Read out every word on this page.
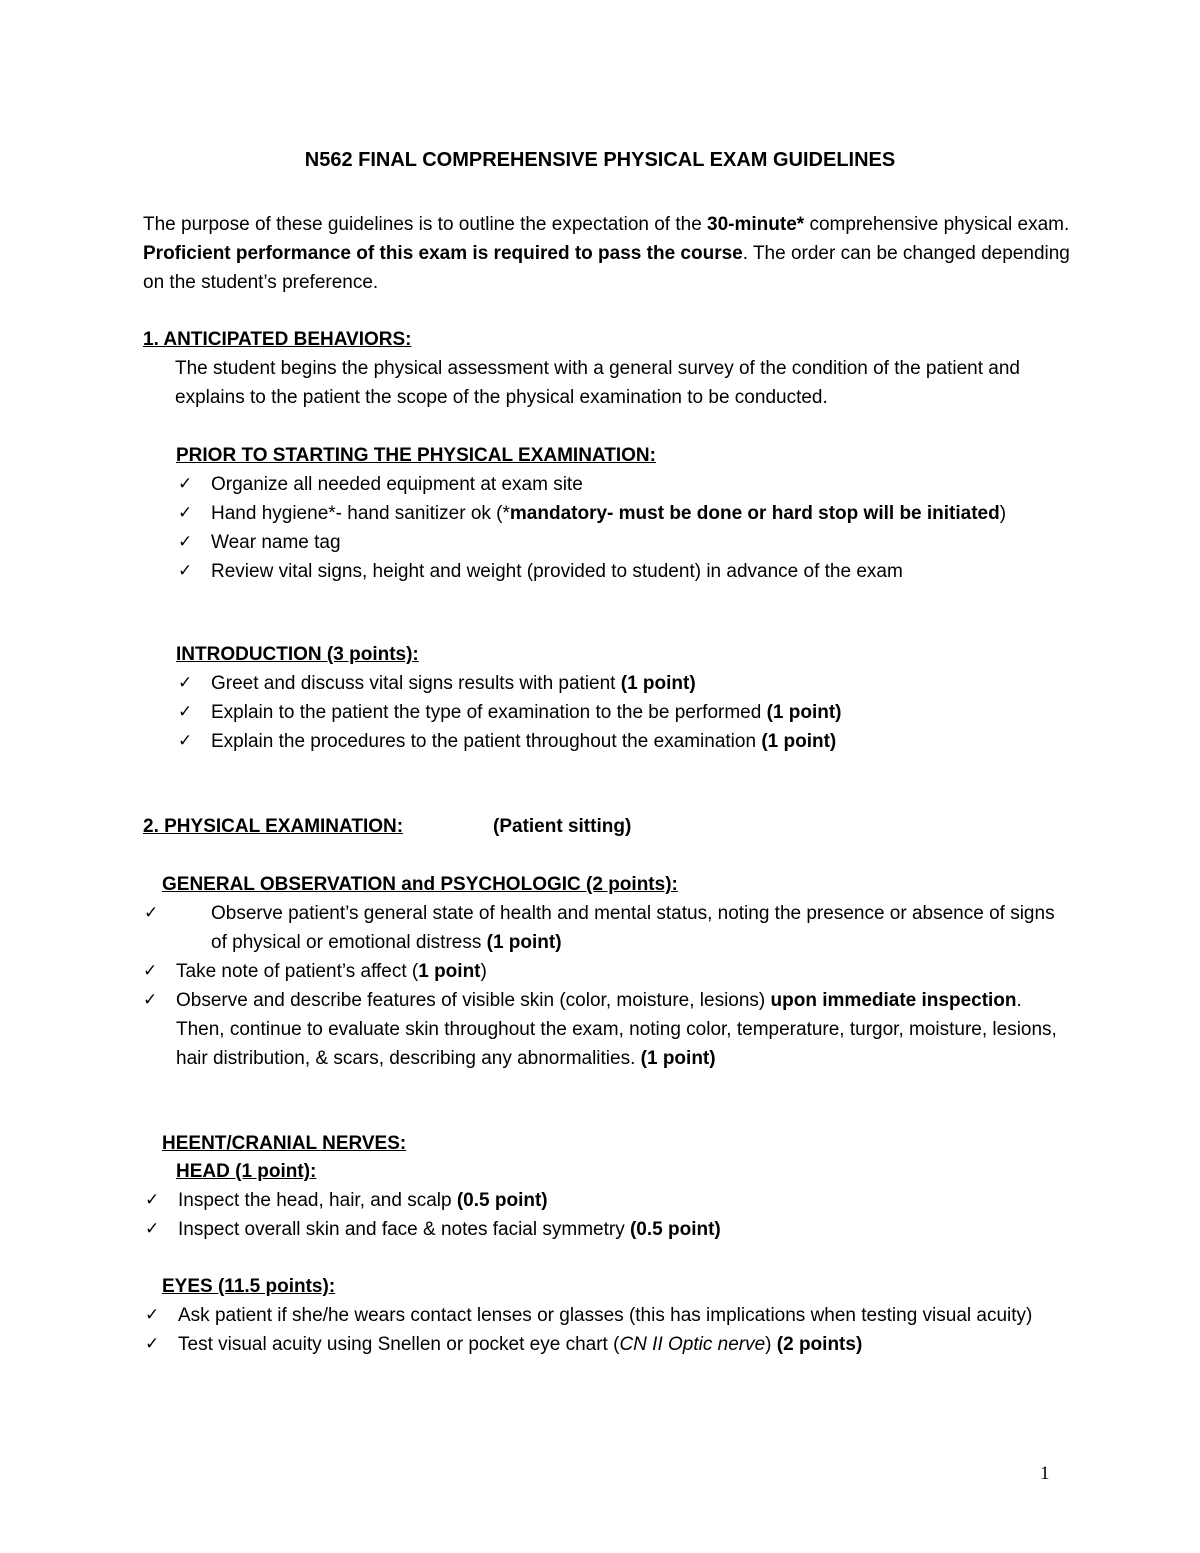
N562 FINAL COMPREHENSIVE PHYSICAL EXAM GUIDELINES

The purpose of these guidelines is to outline the expectation of the 30-minute* comprehensive physical exam. Proficient performance of this exam is required to pass the course. The order can be changed depending on the student’s preference.

1. ANTICIPATED BEHAVIORS:

The student begins the physical assessment with a general survey of the condition of the patient and explains to the patient the scope of the physical examination to be conducted.

PRIOR TO STARTING THE PHYSICAL EXAMINATION:

✓ Organize all needed equipment at exam site
✓ Hand hygiene*- hand sanitizer ok (*mandatory- must be done or hard stop will be initiated)
✓ Wear name tag
✓ Review vital signs, height and weight (provided to student) in advance of the exam

INTRODUCTION (3 points):

✓ Greet and discuss vital signs results with patient (1 point)
✓ Explain to the patient the type of examination to the be performed (1 point)
✓ Explain the procedures to the patient throughout the examination (1 point)

2. PHYSICAL EXAMINATION:	(Patient sitting)

GENERAL OBSERVATION and PSYCHOLOGIC (2 points):

✓	Observe patient’s general state of health and mental status, noting the presence or absence of signs of physical or emotional distress (1 point)
✓ Take note of patient’s affect (1 point)
✓ Observe and describe features of visible skin (color, moisture, lesions) upon immediate inspection. Then, continue to evaluate skin throughout the exam, noting color, temperature, turgor, moisture, lesions, hair distribution, & scars, describing any abnormalities. (1 point)

HEENT/CRANIAL NERVES:

HEAD (1 point):

✓ Inspect the head, hair, and scalp (0.5 point)
✓ Inspect overall skin and face & notes facial symmetry (0.5 point)

EYES (11.5 points):

✓ Ask patient if she/he wears contact lenses or glasses (this has implications when testing visual acuity)
✓ Test visual acuity using Snellen or pocket eye chart (CN II Optic nerve) (2 points)
1
